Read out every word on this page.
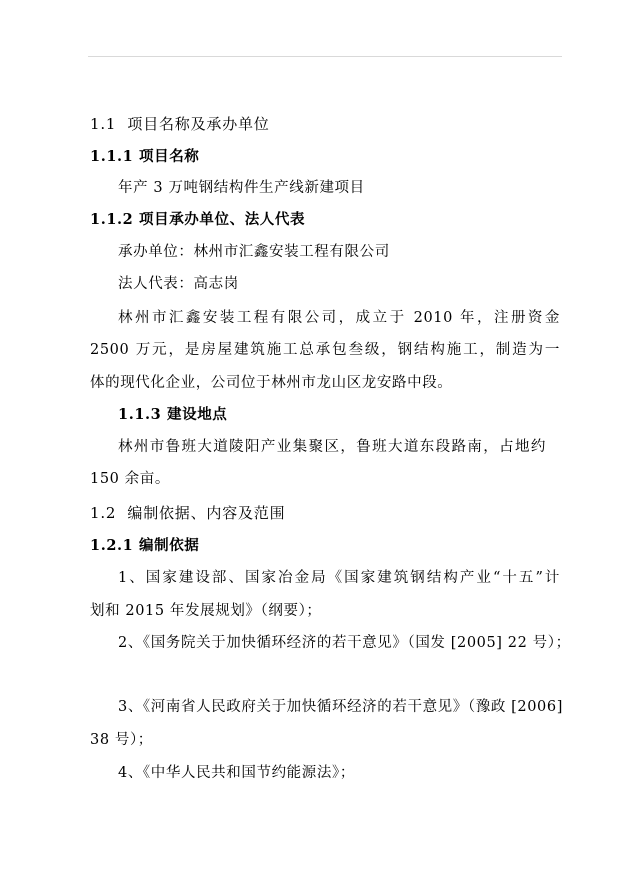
1.1 项目名称及承办单位
1.1.1 项目名称
年产 3 万吨钢结构件生产线新建项目
1.1.2 项目承办单位、法人代表
承办单位：林州市汇鑫安装工程有限公司
法人代表：高志岗
林州市汇鑫安装工程有限公司，成立于 2010 年，注册资金
2500 万元，是房屋建筑施工总承包叁级，钢结构施工，制造为一
体的现代化企业，公司位于林州市龙山区龙安路中段。
1.1.3 建设地点
林州市鲁班大道陵阳产业集聚区，鲁班大道东段路南，占地约
150 余亩。
1.2 编制依据、内容及范围
1.2.1 编制依据
1、国家建设部、国家冶金局《国家建筑钢结构产业“十五”计
划和 2015 年发展规划》（纲要）；
2、《国务院关于加快循环经济的若干意见》（国发 [2005] 22 号）；
3、《河南省人民政府关于加快循环经济的若干意见》（豫政 [2006]
38 号）；
4、《中华人民共和国节约能源法》；
